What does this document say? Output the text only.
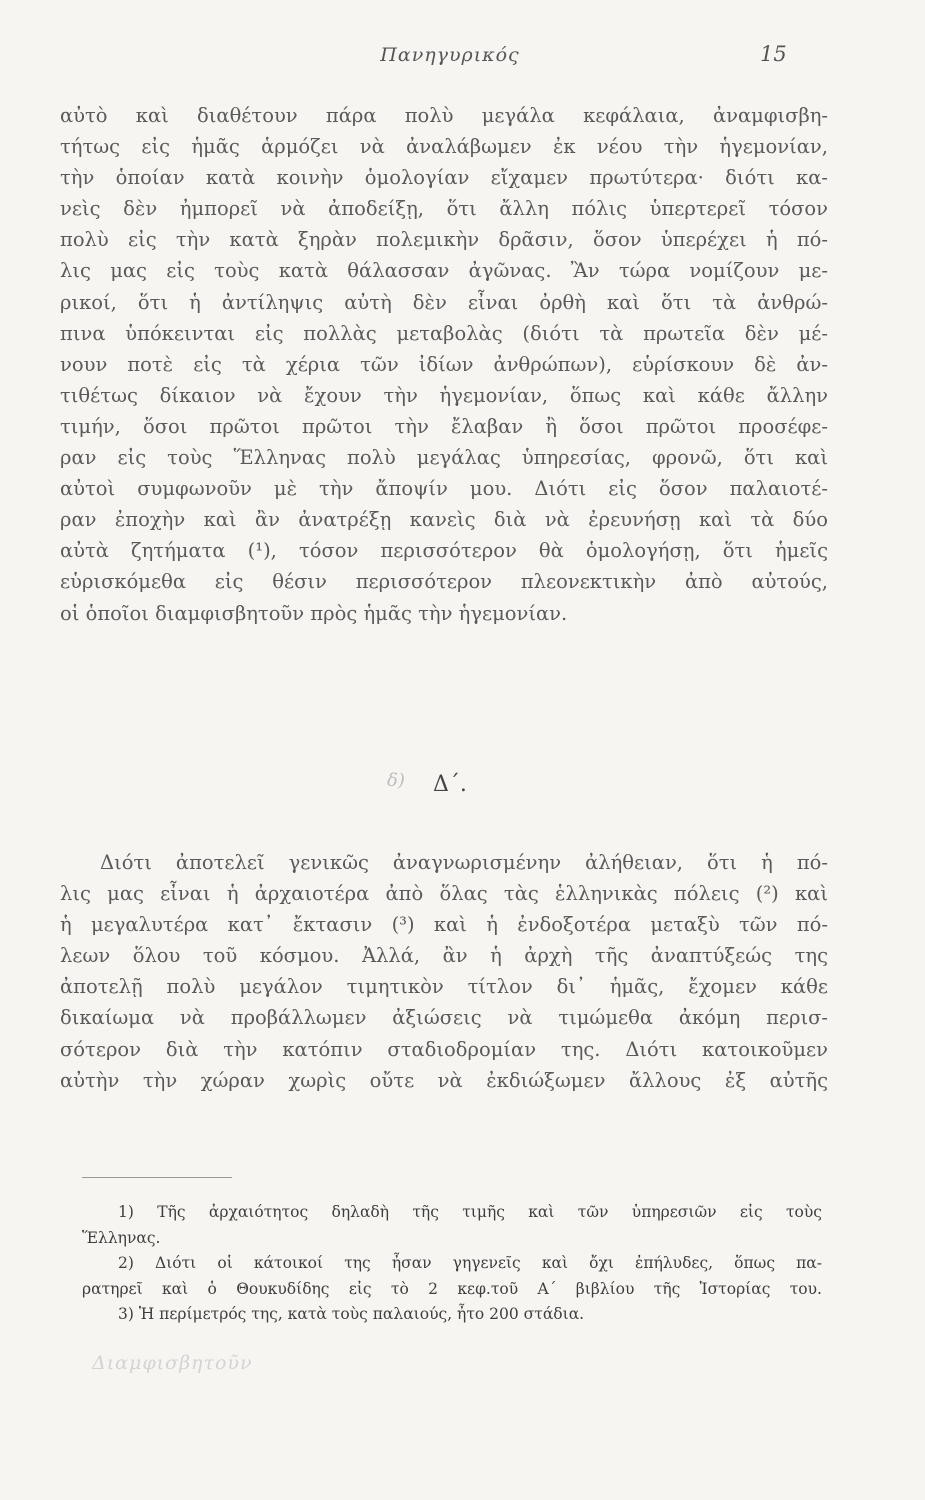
Πανηγυρικός	15
αὐτὸ καὶ διαθέτουν πάρα πολὺ μεγάλα κεφάλαια, ἀναμφισβη-
τήτως εἰς ἡμᾶς ἁρμόζει νὰ ἀναλάβωμεν ἐκ νέου τὴν ἡγεμονίαν,
τὴν ὁποίαν κατὰ κοινὴν ὁμολογίαν εἴχαμεν πρωτύτερα· διότι κα-
νεὶς δὲν ἠμπορεῖ νὰ ἀποδείξῃ, ὅτι ἄλλη πόλις ὑπερτερεῖ τόσον
πολὺ εἰς τὴν κατὰ ξηρὰν πολεμικὴν δρᾶσιν, ὅσον ὑπερέχει ἡ πό-
λις μας εἰς τοὺς κατὰ θάλασσαν ἀγῶνας. Ἂν τώρα νομίζουν με-
ρικοί, ὅτι ἡ ἀντίληψις αὐτὴ δὲν εἶναι ὀρθὴ καὶ ὅτι τὰ ἀνθρώ-
πινα ὑπόκεινται εἰς πολλὰς μεταβολὰς (διότι τὰ πρωτεῖα δὲν μέ-
νουν ποτὲ εἰς τὰ χέρια τῶν ἰδίων ἀνθρώπων), εὑρίσκουν δὲ ἀν-
τιθέτως δίκαιον νὰ ἔχουν τὴν ἡγεμονίαν, ὅπως καὶ κάθε ἄλλην
τιμήν, ὅσοι πρῶτοι πρῶτοι τὴν ἔλαβαν ἢ ὅσοι πρῶτοι προσέφε-
ραν εἰς τοὺς Ἕλληνας πολὺ μεγάλας ὑπηρεσίας, φρονῶ, ὅτι καὶ
αὐτοὶ συμφωνοῦν μὲ τὴν ἄποψίν μου. Διότι εἰς ὅσον παλαιοτέ-
ραν ἐποχὴν καὶ ἂν ἀνατρέξῃ κανεὶς διὰ νὰ ἐρευνήσῃ καὶ τὰ δύο
αὐτὰ ζητήματα (¹), τόσον περισσότερον θὰ ὁμολογήσῃ, ὅτι ἡμεῖς
εὑρισκόμεθα εἰς θέσιν περισσότερον πλεονεκτικὴν ἀπὸ αὐτούς,
οἱ ὁποῖοι διαμφισβητοῦν πρὸς ἡμᾶς τὴν ἡγεμονίαν.
δ) Δ΄.
Διότι ἀποτελεῖ γενικῶς ἀναγνωρισμένην ἀλήθειαν, ὅτι ἡ πό-
λις μας εἶναι ἡ ἀρχαιοτέρα ἀπὸ ὅλας τὰς ἑλληνικὰς πόλεις (²) καὶ
ἡ μεγαλυτέρα κατ᾽ ἔκτασιν (³) καὶ ἡ ἐνδοξοτέρα μεταξὺ τῶν πό-
λεων ὅλου τοῦ κόσμου. Ἀλλά, ἂν ἡ ἀρχὴ τῆς ἀναπτύξεώς της
ἀποτελῇ πολὺ μεγάλον τιμητικὸν τίτλον δι᾽ ἡμᾶς, ἔχομεν κάθε
δικαίωμα νὰ προβάλλωμεν ἀξιώσεις νὰ τιμώμεθα ἀκόμη περισ-
σότερον διὰ τὴν κατόπιν σταδιοδρομίαν της. Διότι κατοικοῦμεν
αὐτὴν τὴν χώραν χωρὶς οὔτε νὰ ἐκδιώξωμεν ἄλλους ἐξ αὐτῆς
1) Τῆς ἀρχαιότητος δηλαδὴ τῆς τιμῆς καὶ τῶν ὑπηρεσιῶν εἰς τοὺς
Ἕλληνας.
2) Διότι οἱ κάτοικοί της ἦσαν γηγενεῖς καὶ ὄχι ἐπήλυδες, ὅπως πα-
ρατηρεῖ καὶ ὁ Θουκυδίδης εἰς τὸ 2 κεφ.τοῦ Α΄ βιβλίου τῆς Ἱστορίας του.
3) Ἡ περίμετρός της, κατὰ τοὺς παλαιούς, ἦτο 200 στάδια.
Διαμφισβητοῦν
